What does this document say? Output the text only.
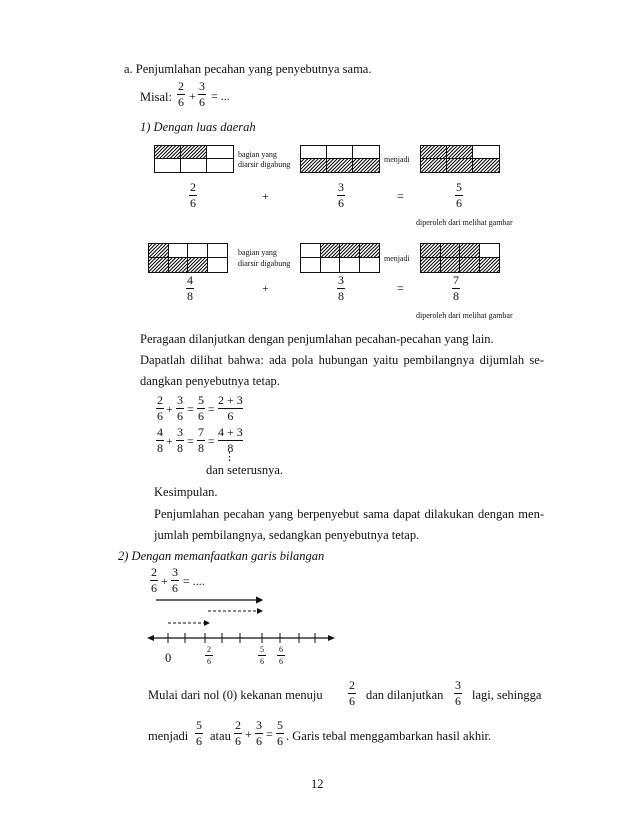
a. Penjumlahan pecahan yang penyebutnya sama.
Misal:
2
6 +
3
6 = ...
1) Dengan luas daerah
bagian yang
diarsir digabung
menjadi
2
6	+
3
6	=
5
6
diperoleh dari melihat gambar
bagian yang
diarsir digabung
menjadi
4
8
+
3
8
=
7
8
diperoleh dari melihat gambar
Peragaan dilanjutkan dengan penjumlahan pecahan-pecahan yang lain.
Dapatlah dilihat bahwa: ada pola hubungan yaitu pembilangnya dijumlah se-
dangkan penyebutnya tetap.
2
6 +
3
6 =
5
6 =
2 + 3
6
4
8 +
3
8 =
7
8 =
4 + 3
8
⋮
dan seterusnya.
Kesimpulan.
Penjumlahan pecahan yang berpenyebut sama dapat dilakukan dengan men-
jumlah pembilangnya, sedangkan penyebutnya tetap.
2) Dengan memanfaatkan garis bilangan
2
6 +
3
6 = ....
0
2
6
5
6
6
6
Mulai dari nol (0) kekanan menuju
2
6 dan dilanjutkan
3
6 lagi, sehingga
menjadi
5
6 atau
2
6 +
3
6 =
5
6 . Garis tebal menggambarkan hasil akhir.
12
